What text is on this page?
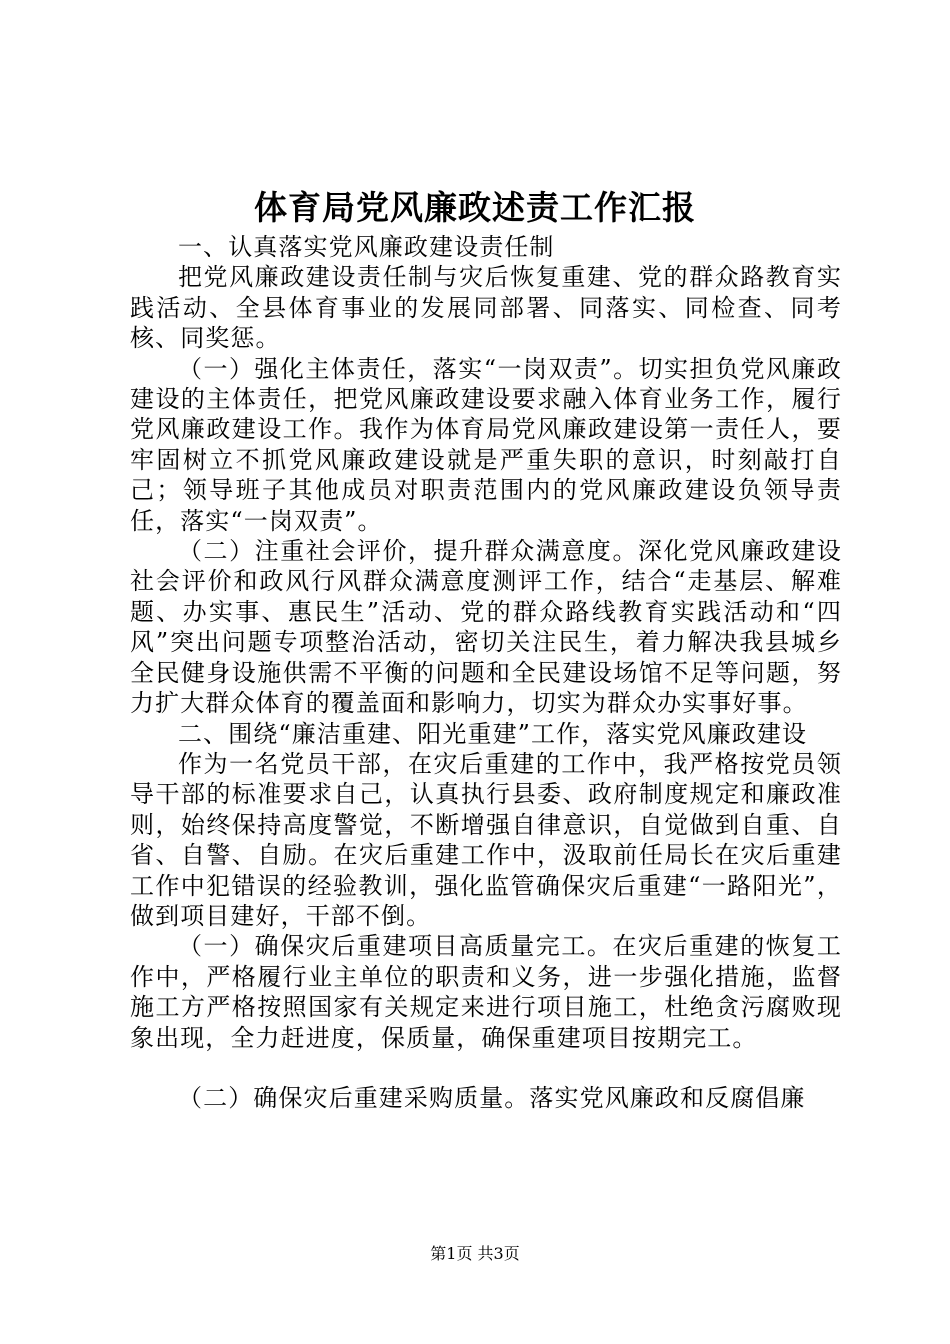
体育局党风廉政述责工作汇报

一、认真落实党风廉政建设责任制

把党风廉政建设责任制与灾后恢复重建、党的群众路教育实践活动、全县体育事业的发展同部署、同落实、同检查、同考核、同奖惩。

（一）强化主体责任，落实“一岗双责”。切实担负党风廉政建设的主体责任，把党风廉政建设要求融入体育业务工作，履行党风廉政建设工作。我作为体育局党风廉政建设第一责任人，要牢固树立不抓党风廉政建设就是严重失职的意识，时刻敲打自己；领导班子其他成员对职责范围内的党风廉政建设负领导责任，落实“一岗双责”。

（二）注重社会评价，提升群众满意度。深化党风廉政建设社会评价和政风行风群众满意度测评工作，结合“走基层、解难题、办实事、惠民生”活动、党的群众路线教育实践活动和“四风”突出问题专项整治活动，密切关注民生，着力解决我县城乡全民健身设施供需不平衡的问题和全民建设场馆不足等问题，努力扩大群众体育的覆盖面和影响力，切实为群众办实事好事。

二、围绕“廉洁重建、阳光重建”工作，落实党风廉政建设

作为一名党员干部，在灾后重建的工作中，我严格按党员领导干部的标准要求自己，认真执行县委、政府制度规定和廉政准则，始终保持高度警觉，不断增强自律意识，自觉做到自重、自省、自警、自励。在灾后重建工作中，汲取前任局长在灾后重建工作中犯错误的经验教训，强化监管确保灾后重建“一路阳光”，做到项目建好，干部不倒。

（一）确保灾后重建项目高质量完工。在灾后重建的恢复工作中，严格履行业主单位的职责和义务，进一步强化措施，监督施工方严格按照国家有关规定来进行项目施工，杜绝贪污腐败现象出现，全力赶进度，保质量，确保重建项目按期完工。

（二）确保灾后重建采购质量。落实党风廉政和反腐倡廉

第1页 共3页
